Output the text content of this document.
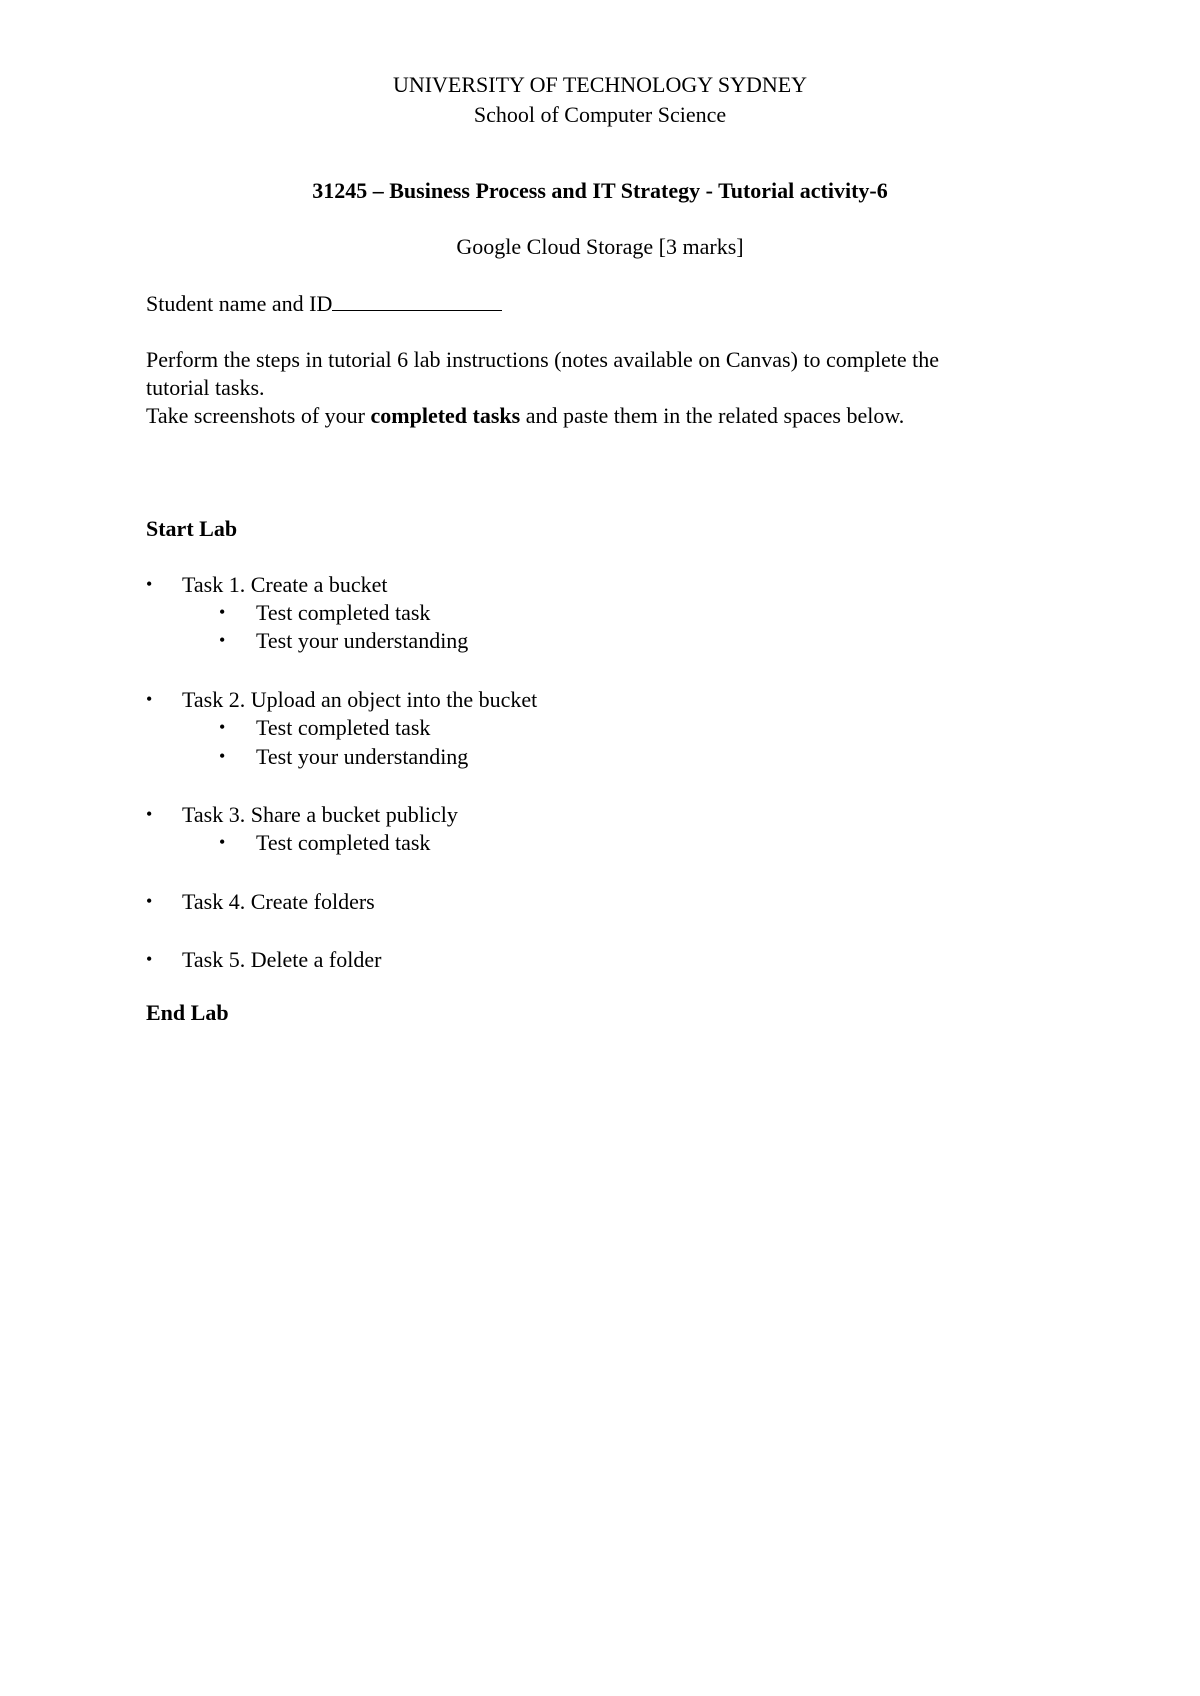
UNIVERSITY OF TECHNOLOGY SYDNEY
School of Computer Science
31245 – Business Process and IT Strategy - Tutorial activity-6
Google Cloud Storage [3 marks]
Student name and ID
Perform the steps in tutorial 6 lab instructions (notes available on Canvas) to complete the
tutorial tasks.
Take screenshots of your completed tasks and paste them in the related spaces below.
Start Lab
• Task 1. Create a bucket
• Test completed task
• Test your understanding
• Task 2. Upload an object into the bucket
• Test completed task
• Test your understanding
• Task 3. Share a bucket publicly
• Test completed task
• Task 4. Create folders
• Task 5. Delete a folder
End Lab
